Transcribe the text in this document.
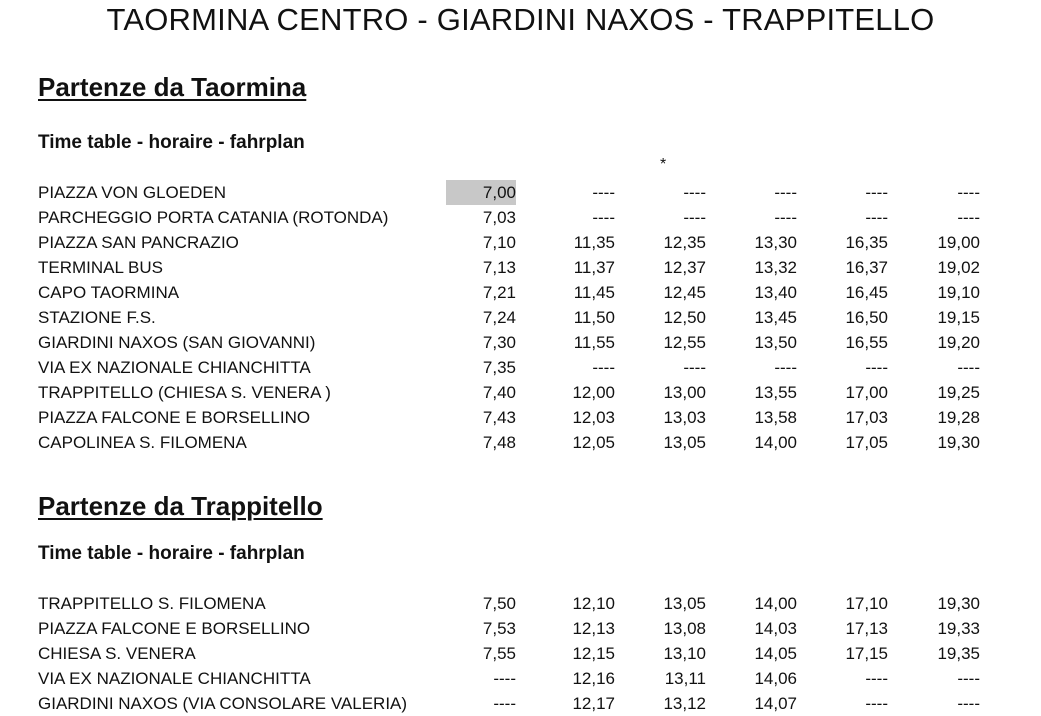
TAORMINA CENTRO - GIARDINI NAXOS - TRAPPITELLO
Partenze da Taormina
Time table - horaire - fahrplan
*
PIAZZA VON GLOEDEN	7,00	----	----	----	----	----
PARCHEGGIO PORTA CATANIA (ROTONDA)	7,03	----	----	----	----	----
PIAZZA SAN PANCRAZIO	7,10	11,35	12,35	13,30	16,35	19,00
TERMINAL BUS	7,13	11,37	12,37	13,32	16,37	19,02
CAPO TAORMINA	7,21	11,45	12,45	13,40	16,45	19,10
STAZIONE F.S.	7,24	11,50	12,50	13,45	16,50	19,15
GIARDINI NAXOS (SAN GIOVANNI)	7,30	11,55	12,55	13,50	16,55	19,20
VIA EX NAZIONALE CHIANCHITTA	7,35	----	----	----	----	----
TRAPPITELLO (CHIESA S. VENERA )	7,40	12,00	13,00	13,55	17,00	19,25
PIAZZA FALCONE E BORSELLINO	7,43	12,03	13,03	13,58	17,03	19,28
CAPOLINEA S. FILOMENA	7,48	12,05	13,05	14,00	17,05	19,30
Partenze da Trappitello
Time table - horaire - fahrplan
TRAPPITELLO S. FILOMENA	7,50	12,10	13,05	14,00	17,10	19,30
PIAZZA FALCONE E BORSELLINO	7,53	12,13	13,08	14,03	17,13	19,33
CHIESA S. VENERA	7,55	12,15	13,10	14,05	17,15	19,35
VIA EX NAZIONALE CHIANCHITTA	----	12,16	13,11	14,06	----	----
GIARDINI NAXOS (VIA CONSOLARE VALERIA)	----	12,17	13,12	14,07	----	----
